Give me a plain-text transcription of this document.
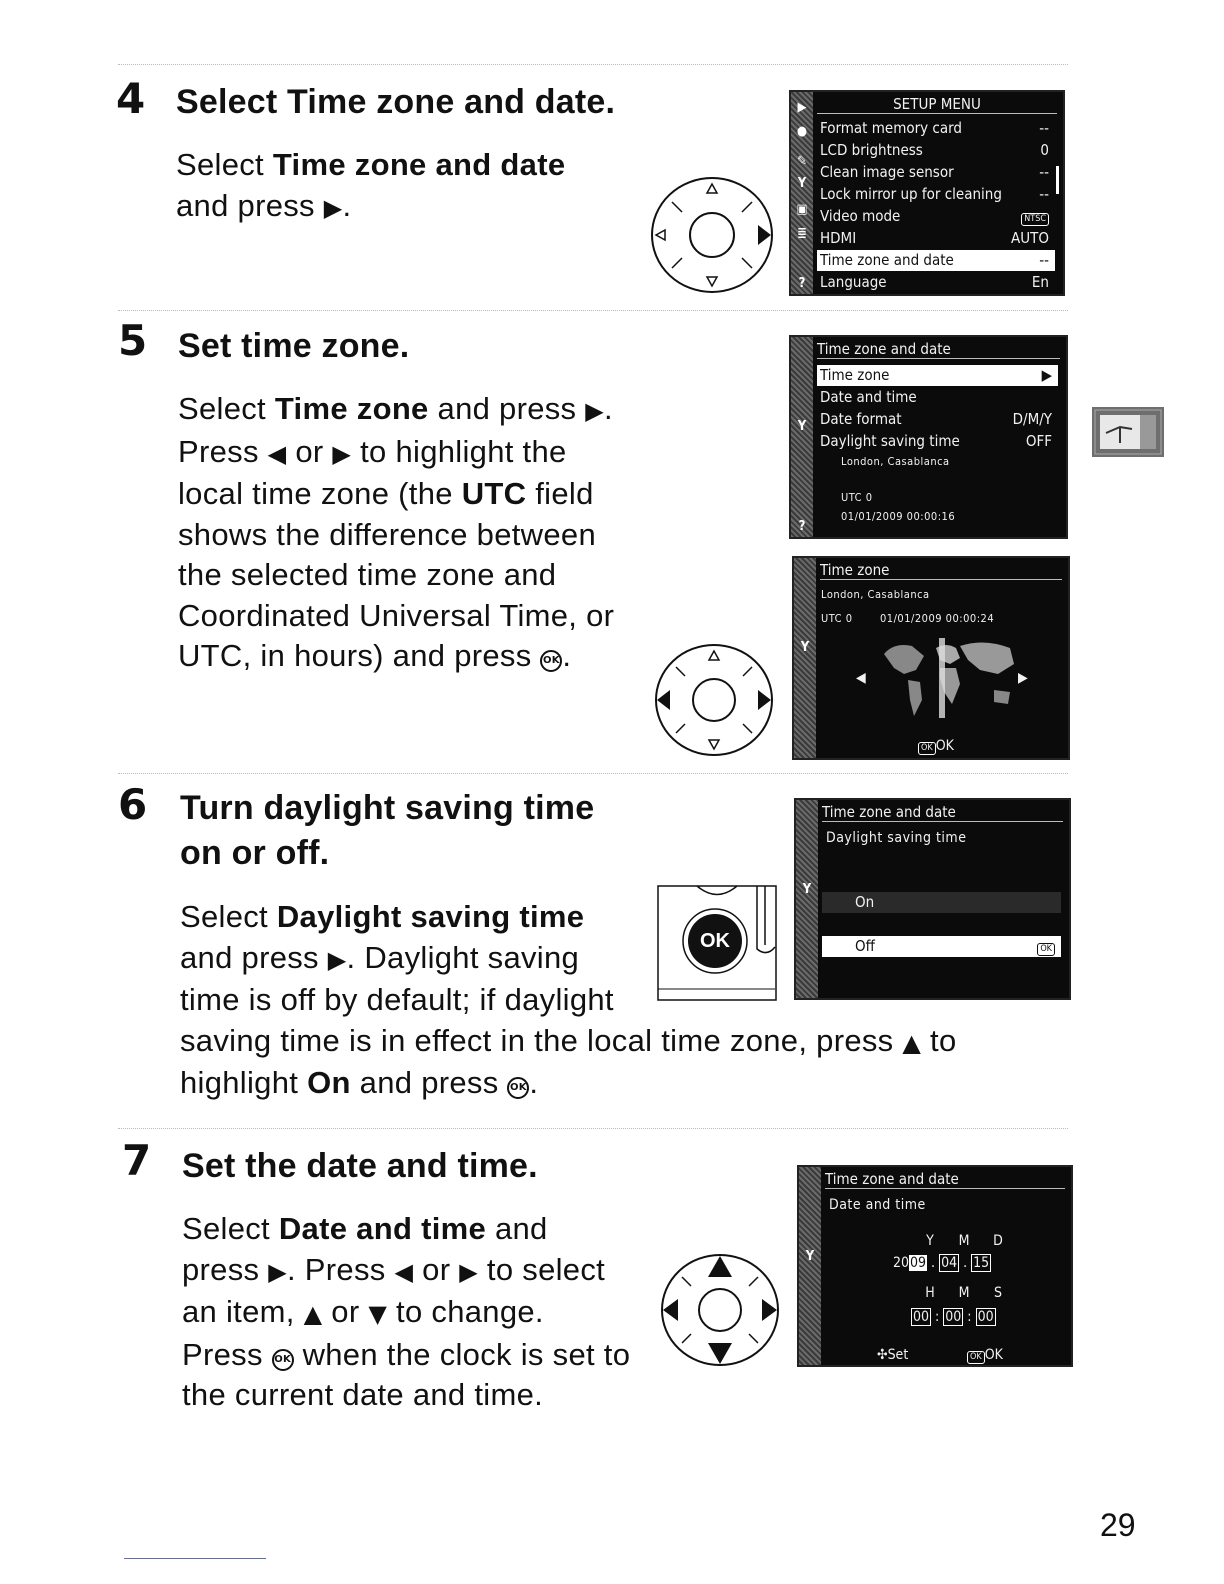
4 Select Time zone and date.
Select Time zone and date
and press ▶.
5 Set time zone.
Select Time zone and press ▶.
Press ◀ or ▶ to highlight the
local time zone (the UTC field
shows the difference between
the selected time zone and
Coordinated Universal Time, or
UTC, in hours) and press OK.
6 Turn daylight saving time
on or off.
Select Daylight saving time
and press ▶. Daylight saving
time is off by default; if daylight
saving time is in effect in the local time zone, press ▲ to
highlight On and press OK.
7 Set the date and time.
Select Date and time and
press ▶. Press ◀ or ▶ to select
an item, ▲ or ▼ to change.
Press OK when the clock is set to
the current date and time.
OK
▶
●
✎
Y
▣
≣
?
SETUP MENU
Format memory card	--
LCD brightness	0
Clean image sensor	--
Lock mirror up for cleaning --
Video mode	NTSC
HDMI	AUTO
Time zone and date	--
Language	En
Y
?
Time zone and date
Time zone	▶
Date and time
Date format	D/M/Y
Daylight saving time	OFF
London, Casablanca
UTC 0
01/01/2009 00:00:16
Y
Time zone
London, Casablanca
UTC 0	01/01/2009 00:00:24
◀	▶
OK OK
Y
Time zone and date
Daylight saving time
On
Off	OK
Y
Time zone and date
Date and time
Y M D
2009 . 04 . 15
H M S
00 : 00 : 00
✣Set	OK OK
29
